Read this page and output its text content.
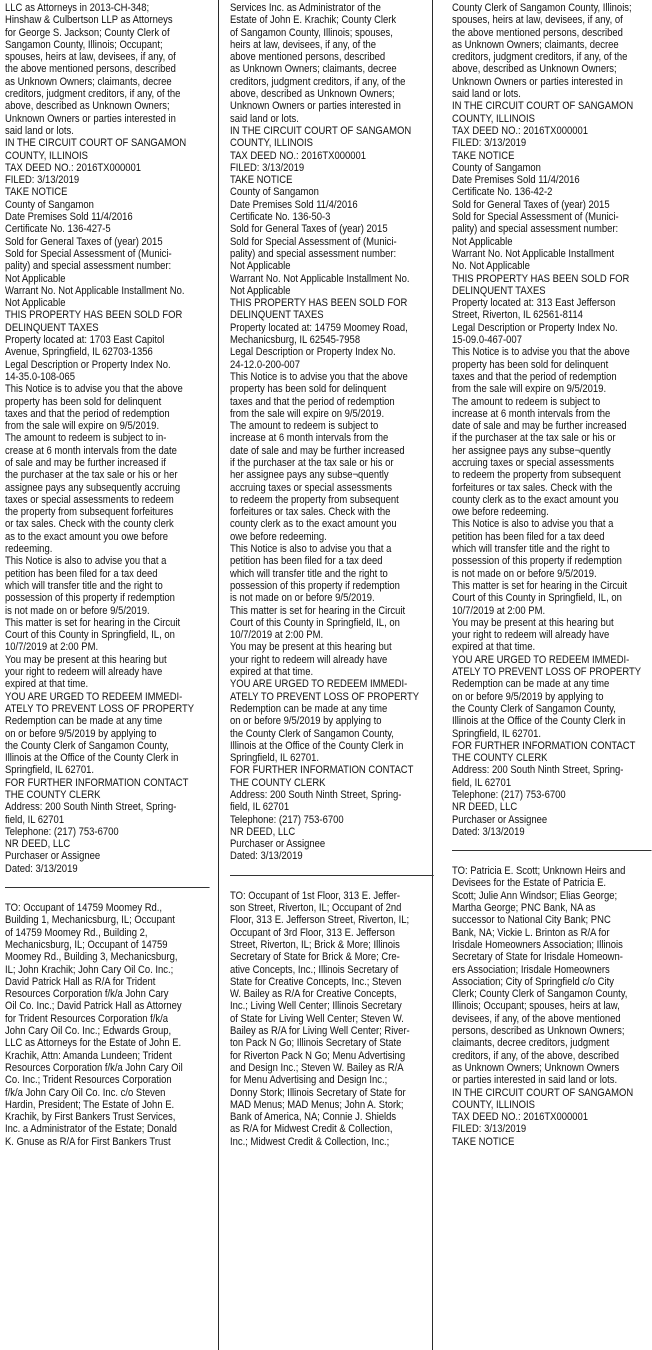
LLC as Attorneys in 2013-CH-348;
Hinshaw & Culbertson LLP as Attorneys
for George S. Jackson; County Clerk of
Sangamon County, Illinois; Occupant;
spouses, heirs at law, devisees, if any, of
the above mentioned persons, described
as Unknown Owners; claimants, decree
creditors, judgment creditors, if any, of the
above, described as Unknown Owners;
Unknown Owners or parties interested in
said land or lots.
IN THE CIRCUIT COURT OF SANGAMON
COUNTY, ILLINOIS
TAX DEED NO.: 2016TX000001
FILED: 3/13/2019
TAKE NOTICE
County of Sangamon
Date Premises Sold 11/4/2016
Certificate No. 136-427-5
Sold for General Taxes of (year) 2015
Sold for Special Assessment of (Munici-
pality) and special assessment number:
Not Applicable
Warrant No. Not Applicable Installment No.
Not Applicable
THIS PROPERTY HAS BEEN SOLD FOR
DELINQUENT TAXES
Property located at: 1703 East Capitol
Avenue, Springfield, IL 62703-1356
Legal Description or Property Index No.
14-35.0-108-065
This Notice is to advise you that the above
property has been sold for delinquent
taxes and that the period of redemption
from the sale will expire on 9/5/2019.
The amount to redeem is subject to in-
crease at 6 month intervals from the date
of sale and may be further increased if
the purchaser at the tax sale or his or her
assignee pays any subsequently accruing
taxes or special assessments to redeem
the property from subsequent forfeitures
or tax sales. Check with the county clerk
as to the exact amount you owe before
redeeming.
This Notice is also to advise you that a
petition has been filed for a tax deed
which will transfer title and the right to
possession of this property if redemption
is not made on or before 9/5/2019.
This matter is set for hearing in the Circuit
Court of this County in Springfield, IL, on
10/7/2019 at 2:00 PM.
You may be present at this hearing but
your right to redeem will already have
expired at that time.
YOU ARE URGED TO REDEEM IMMEDI-
ATELY TO PREVENT LOSS OF PROPERTY
Redemption can be made at any time
on or before 9/5/2019 by applying to
the County Clerk of Sangamon County,
Illinois at the Office of the County Clerk in
Springfield, IL 62701.
FOR FURTHER INFORMATION CONTACT
THE COUNTY CLERK
Address: 200 South Ninth Street, Spring-
field, IL 62701
Telephone: (217) 753-6700
NR DEED, LLC
Purchaser or Assignee
Dated: 3/13/2019
TO: Occupant of 14759 Moomey Rd.,
Building 1, Mechanicsburg, IL; Occupant
of 14759 Moomey Rd., Building 2,
Mechanicsburg, IL; Occupant of 14759
Moomey Rd., Building 3, Mechanicsburg,
IL; John Krachik; John Cary Oil Co. Inc.;
David Patrick Hall as R/A for Trident
Resources Corporation f/k/a John Cary
Oil Co. Inc.; David Patrick Hall as Attorney
for Trident Resources Corporation f/k/a
John Cary Oil Co. Inc.; Edwards Group,
LLC as Attorneys for the Estate of John E.
Krachik, Attn: Amanda Lundeen; Trident
Resources Corporation f/k/a John Cary Oil
Co. Inc.; Trident Resources Corporation
f/k/a John Cary Oil Co. Inc. c/o Steven
Hardin, President; The Estate of John E.
Krachik, by First Bankers Trust Services,
Inc. a Administrator of the Estate; Donald
K. Gnuse as R/A for First Bankers Trust
Services Inc. as Administrator of the
Estate of John E. Krachik; County Clerk
of Sangamon County, Illinois; spouses,
heirs at law, devisees, if any, of the
above mentioned persons, described
as Unknown Owners; claimants, decree
creditors, judgment creditors, if any, of the
above, described as Unknown Owners;
Unknown Owners or parties interested in
said land or lots.
IN THE CIRCUIT COURT OF SANGAMON
COUNTY, ILLINOIS
TAX DEED NO.: 2016TX000001
FILED: 3/13/2019
TAKE NOTICE
County of Sangamon
Date Premises Sold 11/4/2016
Certificate No. 136-50-3
Sold for General Taxes of (year) 2015
Sold for Special Assessment of (Munici-
pality) and special assessment number:
Not Applicable
Warrant No. Not Applicable Installment No.
Not Applicable
THIS PROPERTY HAS BEEN SOLD FOR
DELINQUENT TAXES
Property located at: 14759 Moomey Road,
Mechanicsburg, IL 62545-7958
Legal Description or Property Index No.
24-12.0-200-007
This Notice is to advise you that the above
property has been sold for delinquent
taxes and that the period of redemption
from the sale will expire on 9/5/2019.
The amount to redeem is subject to
increase at 6 month intervals from the
date of sale and may be further increased
if the purchaser at the tax sale or his or
her assignee pays any subse¬quently
accruing taxes or special assessments
to redeem the property from subsequent
forfeitures or tax sales. Check with the
county clerk as to the exact amount you
owe before redeeming.
This Notice is also to advise you that a
petition has been filed for a tax deed
which will transfer title and the right to
possession of this property if redemption
is not made on or before 9/5/2019.
This matter is set for hearing in the Circuit
Court of this County in Springfield, IL, on
10/7/2019 at 2:00 PM.
You may be present at this hearing but
your right to redeem will already have
expired at that time.
YOU ARE URGED TO REDEEM IMMEDI-
ATELY TO PREVENT LOSS OF PROPERTY
Redemption can be made at any time
on or before 9/5/2019 by applying to
the County Clerk of Sangamon County,
Illinois at the Office of the County Clerk in
Springfield, IL 62701.
FOR FURTHER INFORMATION CONTACT
THE COUNTY CLERK
Address: 200 South Ninth Street, Spring-
field, IL 62701
Telephone: (217) 753-6700
NR DEED, LLC
Purchaser or Assignee
Dated: 3/13/2019
TO: Occupant of 1st Floor, 313 E. Jeffer-
son Street, Riverton, IL; Occupant of 2nd
Floor, 313 E. Jefferson Street, Riverton, IL;
Occupant of 3rd Floor, 313 E. Jefferson
Street, Riverton, IL; Brick & More; Illinois
Secretary of State for Brick & More; Cre-
ative Concepts, Inc.; Illinois Secretary of
State for Creative Concepts, Inc.; Steven
W. Bailey as R/A for Creative Concepts,
Inc.; Living Well Center; Illinois Secretary
of State for Living Well Center; Steven W.
Bailey as R/A for Living Well Center; River-
ton Pack N Go; Illinois Secretary of State
for Riverton Pack N Go; Menu Advertising
and Design Inc.; Steven W. Bailey as R/A
for Menu Advertising and Design Inc.;
Donny Stork; Illinois Secretary of State for
MAD Menus; MAD Menus; John A. Stork;
Bank of America, NA; Connie J. Shields
as R/A for Midwest Credit & Collection,
Inc.; Midwest Credit & Collection, Inc.;
County Clerk of Sangamon County, Illinois;
spouses, heirs at law, devisees, if any, of
the above mentioned persons, described
as Unknown Owners; claimants, decree
creditors, judgment creditors, if any, of the
above, described as Unknown Owners;
Unknown Owners or parties interested in
said land or lots.
IN THE CIRCUIT COURT OF SANGAMON
COUNTY, ILLINOIS
TAX DEED NO.: 2016TX000001
FILED: 3/13/2019
TAKE NOTICE
County of Sangamon
Date Premises Sold 11/4/2016
Certificate No. 136-42-2
Sold for General Taxes of (year) 2015
Sold for Special Assessment of (Munici-
pality) and special assessment number:
Not Applicable
Warrant No. Not Applicable Installment
No. Not Applicable
THIS PROPERTY HAS BEEN SOLD FOR
DELINQUENT TAXES
Property located at: 313 East Jefferson
Street, Riverton, IL 62561-8114
Legal Description or Property Index No.
15-09.0-467-007
This Notice is to advise you that the above
property has been sold for delinquent
taxes and that the period of redemption
from the sale will expire on 9/5/2019.
The amount to redeem is subject to
increase at 6 month intervals from the
date of sale and may be further increased
if the purchaser at the tax sale or his or
her assignee pays any subse¬quently
accruing taxes or special assessments
to redeem the property from subsequent
forfeitures or tax sales. Check with the
county clerk as to the exact amount you
owe before redeeming.
This Notice is also to advise you that a
petition has been filed for a tax deed
which will transfer title and the right to
possession of this property if redemption
is not made on or before 9/5/2019.
This matter is set for hearing in the Circuit
Court of this County in Springfield, IL, on
10/7/2019 at 2:00 PM.
You may be present at this hearing but
your right to redeem will already have
expired at that time.
YOU ARE URGED TO REDEEM IMMEDI-
ATELY TO PREVENT LOSS OF PROPERTY
Redemption can be made at any time
on or before 9/5/2019 by applying to
the County Clerk of Sangamon County,
Illinois at the Office of the County Clerk in
Springfield, IL 62701.
FOR FURTHER INFORMATION CONTACT
THE COUNTY CLERK
Address: 200 South Ninth Street, Spring-
field, IL 62701
Telephone: (217) 753-6700
NR DEED, LLC
Purchaser or Assignee
Dated: 3/13/2019
TO: Patricia E. Scott; Unknown Heirs and
Devisees for the Estate of Patricia E.
Scott; Julie Ann Windsor; Elias George;
Martha George; PNC Bank, NA as
successor to National City Bank; PNC
Bank, NA; Vickie L. Brinton as R/A for
Irisdale Homeowners Association; Illinois
Secretary of State for Irisdale Homeown-
ers Association; Irisdale Homeowners
Association; City of Springfield c/o City
Clerk; County Clerk of Sangamon County,
Illinois; Occupant; spouses, heirs at law,
devisees, if any, of the above mentioned
persons, described as Unknown Owners;
claimants, decree creditors, judgment
creditors, if any, of the above, described
as Unknown Owners; Unknown Owners
or parties interested in said land or lots.
IN THE CIRCUIT COURT OF SANGAMON
COUNTY, ILLINOIS
TAX DEED NO.: 2016TX000001
FILED: 3/13/2019
TAKE NOTICE
